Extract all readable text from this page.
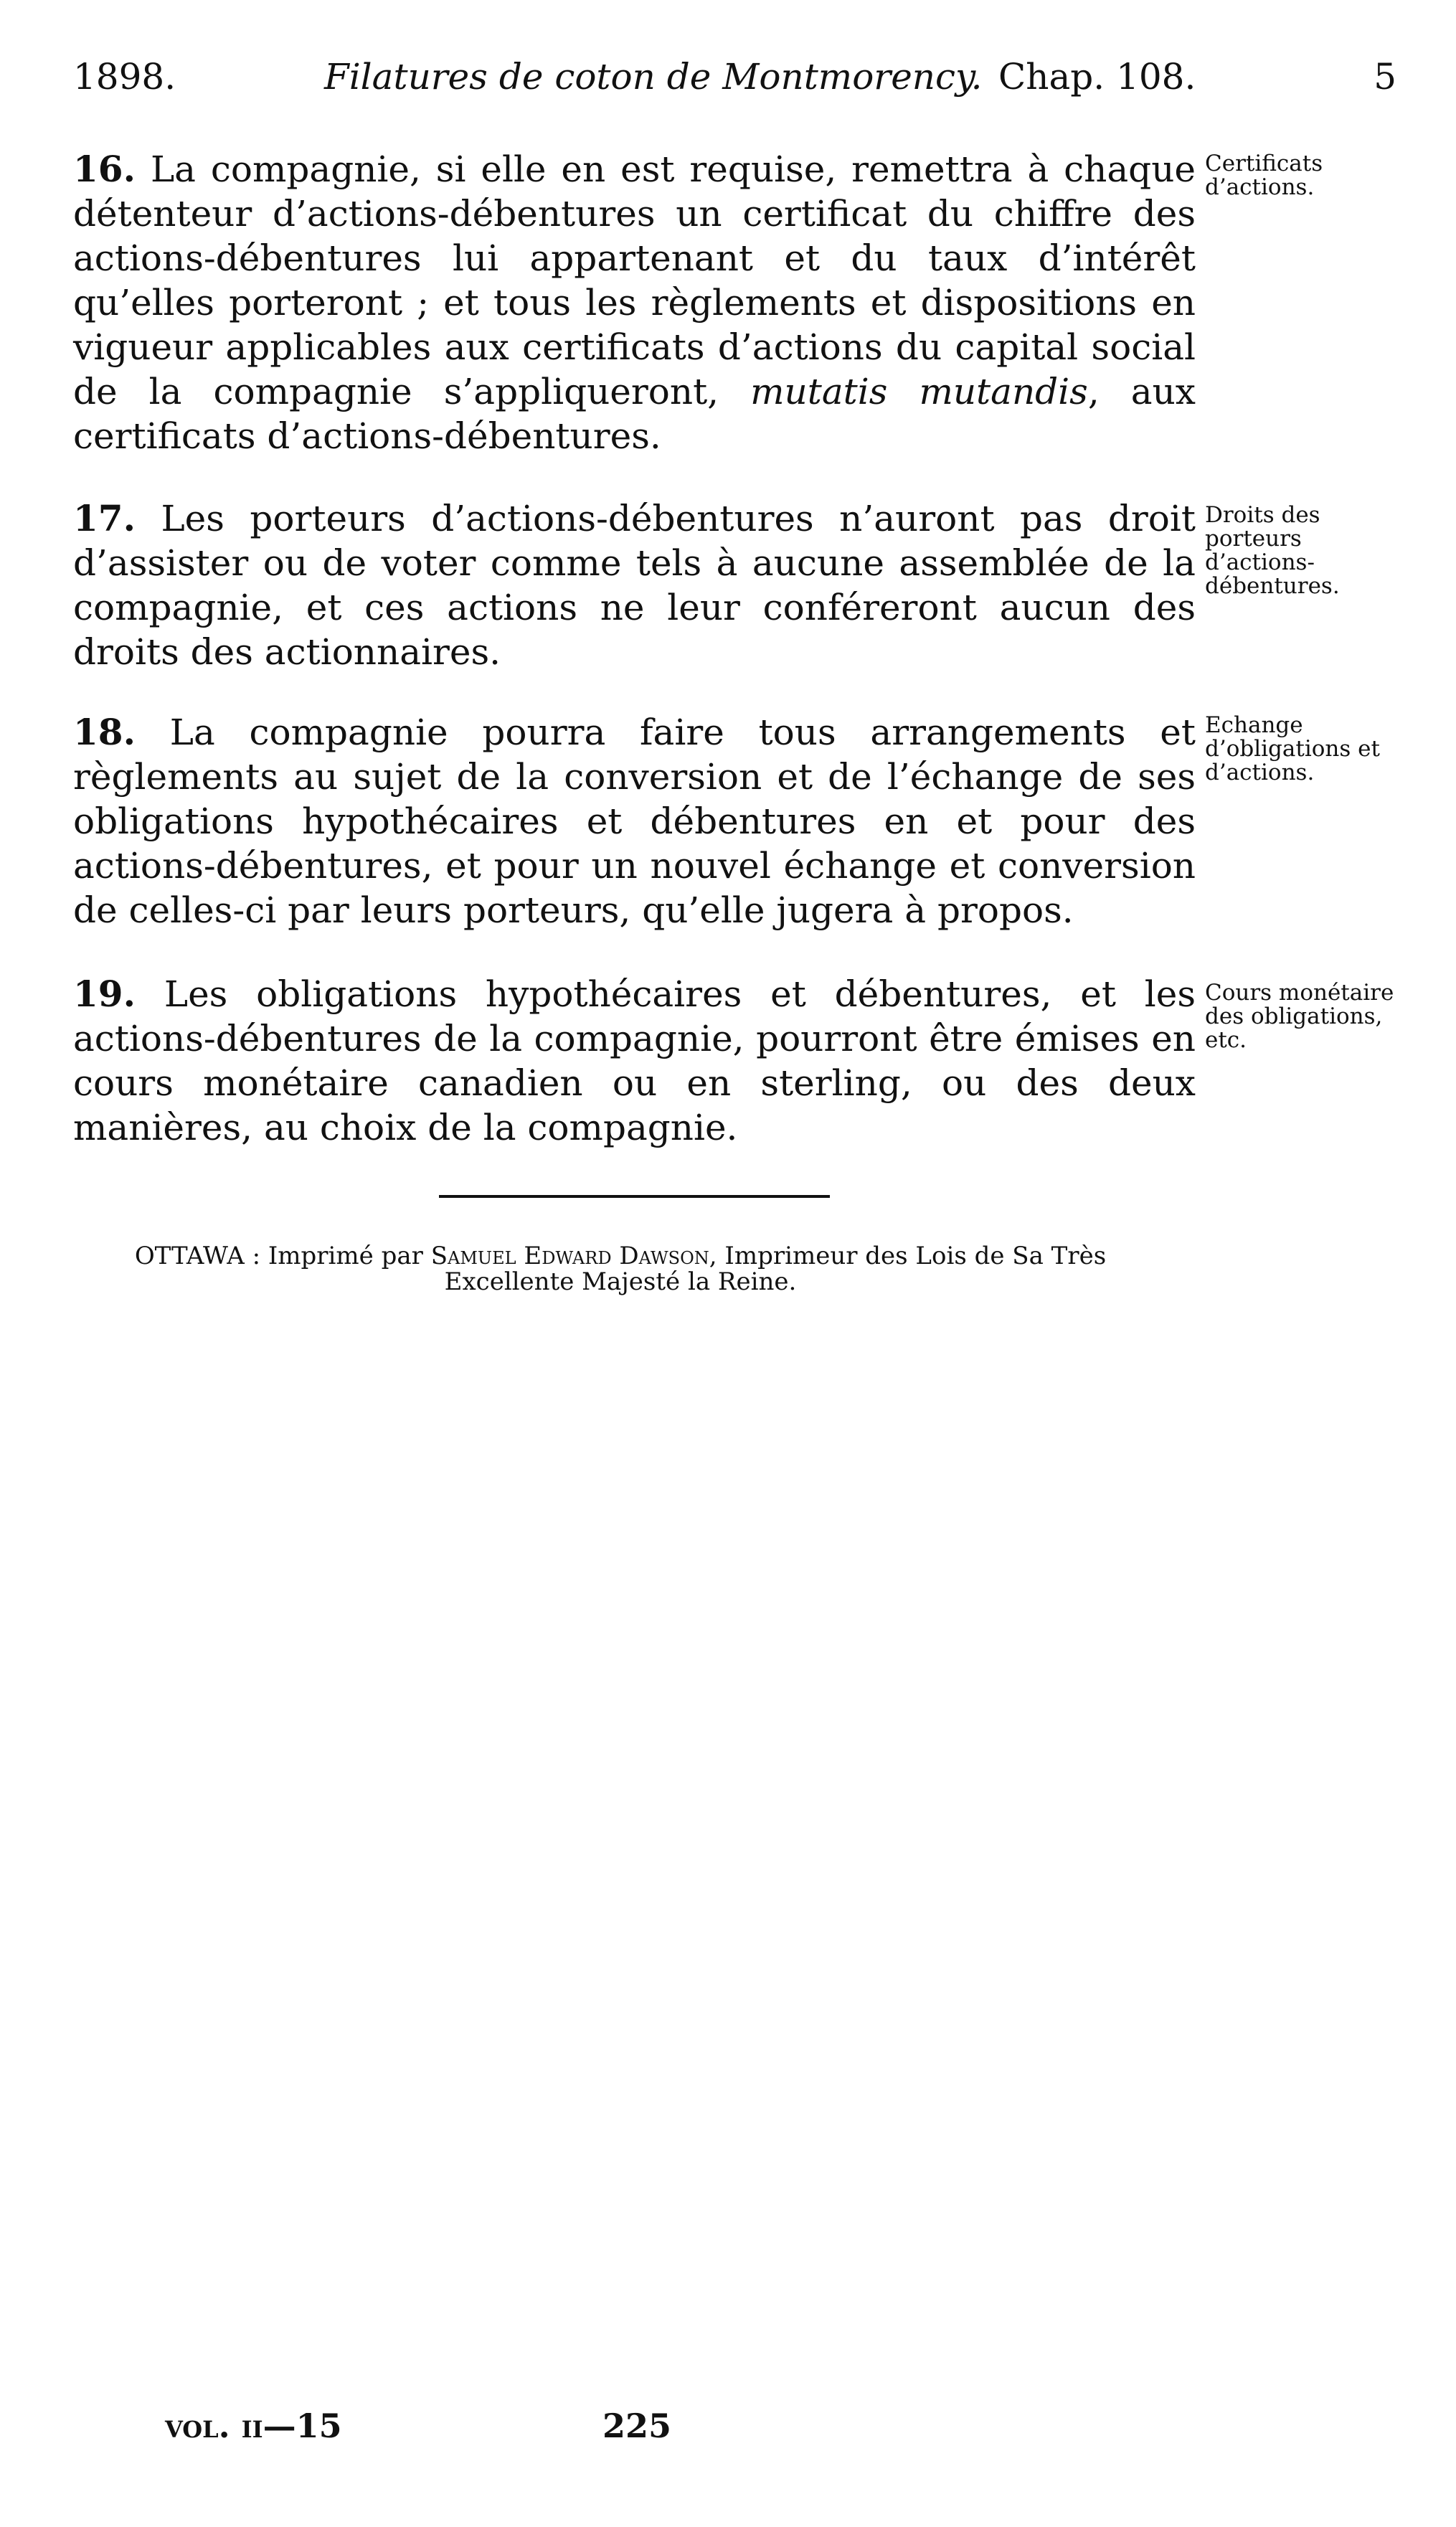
1898.	Filatures de coton de Montmorency. Chap. 108.	5

16 . La compagnie, si elle en est requise, remettra à chaque détenteur d’actions-débentures un certificat du chiffre des actions-débentures lui appartenant et du taux d’intérêt qu’elles porteront ; et tous les règlements et dispositions en vigueur applicables aux certificats d’actions du capital social de la compagnie s’appliqueront, mutatis mutandis, aux certificats d’actions-débentures.

Certificats d’actions.

17 . Les porteurs d’actions-débentures n’auront pas droit d’assister ou de voter comme tels à aucune assemblée de la compagnie, et ces actions ne leur conféreront aucun des droits des actionnaires.

Droits des porteurs d’actions-débentures.

18 . La compagnie pourra faire tous arrangements et règlements au sujet de la conversion et de l’échange de ses obligations hypothécaires et débentures en et pour des actions-débentures, et pour un nouvel échange et conversion de celles-ci par leurs porteurs, qu’elle jugera à propos.

Echange d’obligations et d’actions.

19 . Les obligations hypothécaires et débentures, et les actions-débentures de la compagnie, pourront être émises en cours monétaire canadien ou en sterling, ou des deux manières, au choix de la compagnie.

Cours monétaire des obligations, etc.
OTTAWA : Imprimé par Samuel Edward Dawson, Imprimeur des Lois de Sa Très Excellente Majesté la Reine.
vol. ii—15	225
